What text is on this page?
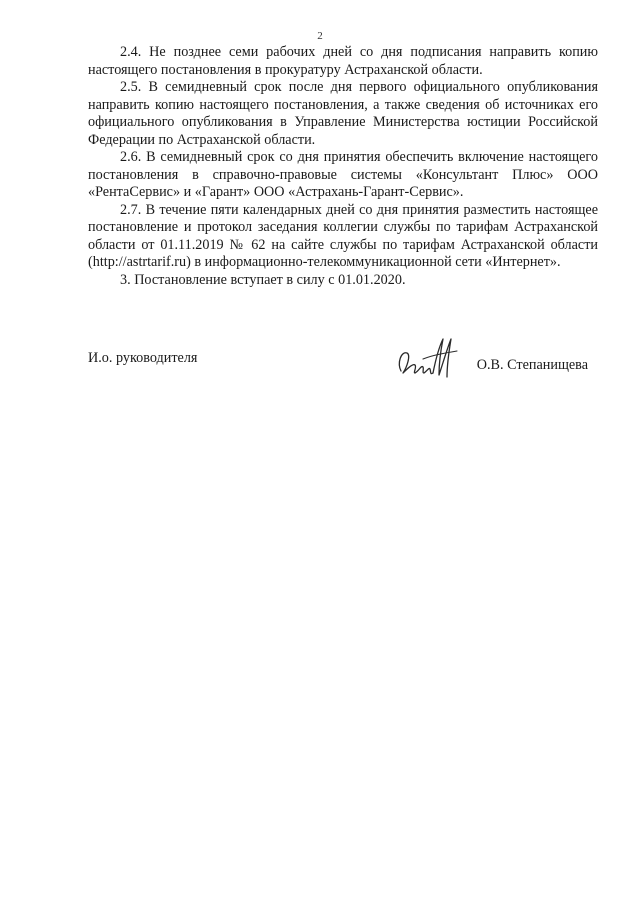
2

2.4. Не позднее семи рабочих дней со дня подписания направить копию настоящего постановления в прокуратуру Астраханской области.

2.5. В семидневный срок после дня первого официального опубликования направить копию настоящего постановления, а также сведения об источниках его официального опубликования в Управление Министерства юстиции Российской Федерации по Астраханской области.

2.6. В семидневный срок со дня принятия обеспечить включение настоящего постановления в справочно-правовые системы «Консультант Плюс» ООО «РентаСервис» и «Гарант» ООО «Астрахань-Гарант-Сервис».

2.7. В течение пяти календарных дней со дня принятия разместить настоящее постановление и протокол заседания коллегии службы по тарифам Астраханской области от 01.11.2019 № 62 на сайте службы по тарифам Астраханской области (http://astrtarif.ru) в информационно-телекоммуникационной сети «Интернет».

3. Постановление вступает в силу с 01.01.2020.

И.о. руководителя	О.В. Степанищева
